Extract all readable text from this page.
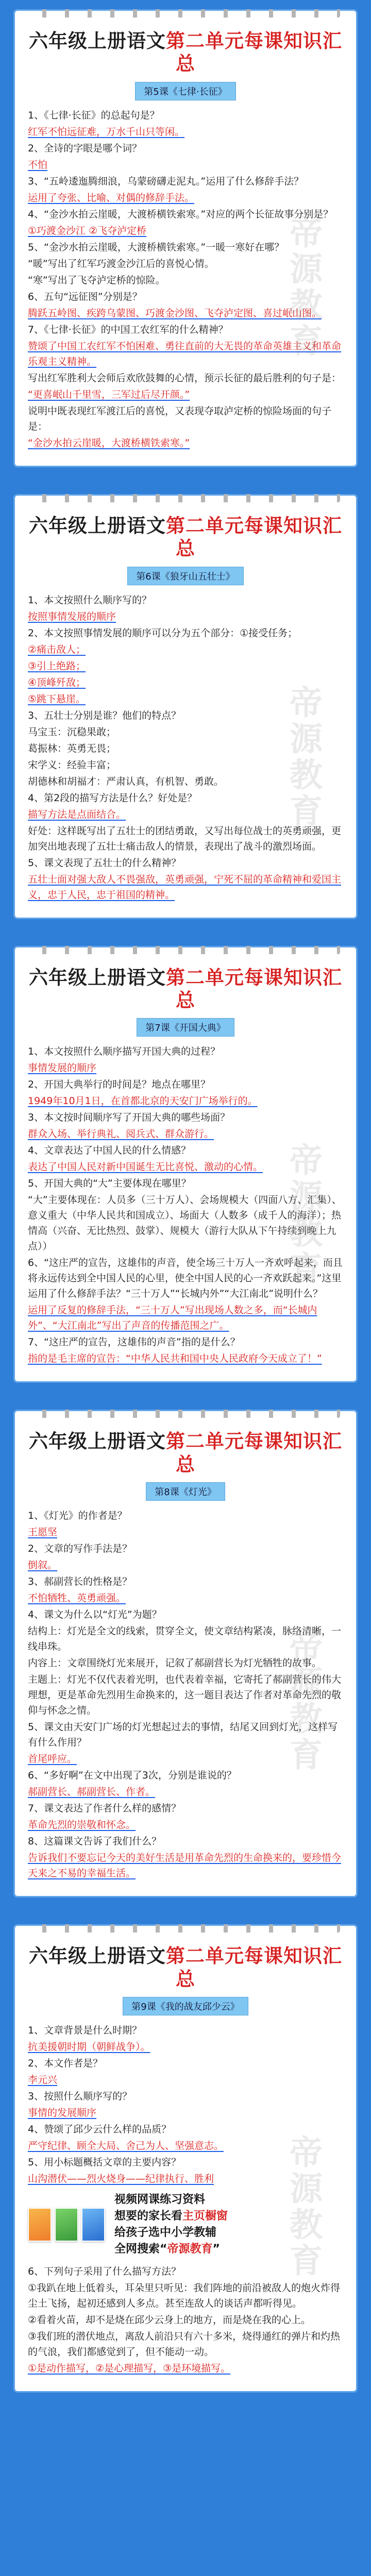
帝源教育
六年级上册语文第二单元每课知识汇总
第5课《七律·长征》

1、《七律·长征》的总起句是？

红军不怕远征难，万水千山只等闲。

2、全诗的字眼是哪个词？

不怕

3、“五岭逶迤腾细浪，乌蒙磅礴走泥丸。”运用了什么修辞手法？

运用了夸张、比喻、对偶的修辞手法。

4、“金沙水拍云崖暖，大渡桥横铁索寒。”对应的两个长征故事分别是？

①巧渡金沙江 ②飞夺泸定桥

5、“金沙水拍云崖暖，大渡桥横铁索寒。”一暖一寒好在哪？

“暖”写出了红军巧渡金沙江后的喜悦心情。

“寒”写出了飞夺泸定桥的惊险。

6、五句“远征图”分别是？

腾跃五岭图、疾跨乌蒙图、巧渡金沙图、飞夺泸定图、喜过岷山图。

7、《七律·长征》的中国工农红军的什么精神？

赞颂了中国工农红军不怕困难、勇往直前的大无畏的革命英雄主义和革命乐观主义精神。

写出红军胜利大会师后欢欣鼓舞的心情，预示长征的最后胜利的句子是：

“更喜岷山千里雪，三军过后尽开颜。”

说明中既表现红军渡江后的喜悦，又表现夺取泸定桥的惊险场面的句子是：

“金沙水拍云崖暖，大渡桥横铁索寒。”

帝源教育
六年级上册语文第二单元每课知识汇总
第6课《狼牙山五壮士》

1、本文按照什么顺序写的？

按照事情发展的顺序

2、本文按照事情发展的顺序可以分为五个部分：①接受任务；

②痛击敌人；

③引上绝路；

④顶峰歼敌；

⑤跳下悬崖。

3、五壮士分别是谁？他们的特点？

马宝玉：沉稳果敢；

葛振林：英勇无畏；

宋学义：经验丰富；

胡德林和胡福才：严肃认真，有机智、勇敢。

4、第2段的描写方法是什么？好处是？

描写方法是点面结合。

好处：这样既写出了五壮士的团结勇敢，又写出每位战士的英勇顽强，更加突出地表现了五壮士痛击敌人的情景，表现出了战斗的激烈场面。

5、课文表现了五壮士的什么精神？

五壮士面对强大敌人不畏强敌，英勇顽强，宁死不屈的革命精神和爱国主义，忠于人民，忠于祖国的精神。

帝源教育
六年级上册语文第二单元每课知识汇总
第7课《开国大典》

1、本文按照什么顺序描写开国大典的过程？

事情发展的顺序

2、开国大典举行的时间是？地点在哪里？

1949年10月1日，在首都北京的天安门广场举行的。

3、本文按时间顺序写了开国大典的哪些场面？

群众入场、举行典礼、阅兵式、群众游行。

4、文章表达了中国人民的什么情感？

表达了中国人民对新中国诞生无比喜悦、激动的心情。

5、开国大典的“大”主要体现在哪里？

“大”主要体现在：人员多（三十万人）、会场规模大（四面八方、汇集）、意义重大（中华人民共和国成立）、场面大（人数多（成千人的海洋）；热情高（兴奋、无比热烈、鼓掌）、规模大（游行大队从下午持续到晚上九点））

6、“这庄严的宣告，这雄伟的声音，使全场三十万人一齐欢呼起来，而且将永远传达到全中国人民的心里，使全中国人民的心一齐欢跃起来。”这里运用了什么修辞手法？“三十万人”“长城内外”“大江南北”说明什么？

运用了反复的修辞手法，“三十万人”写出现场人数之多，而“长城内外”、“大江南北”写出了声音的传播范围之广。

7、“这庄严的宣告，这雄伟的声音”指的是什么？

指的是毛主席的宣告：“中华人民共和国中央人民政府今天成立了！”

帝源教育
六年级上册语文第二单元每课知识汇总
第8课《灯光》

1、《灯光》的作者是？

王愿坚

2、文章的写作手法是？

倒叙。

3、郝副营长的性格是？

不怕牺牲、英勇顽强。

4、课文为什么以“灯光”为题？

结构上：灯光是全文的线索，贯穿全文，使文章结构紧凑，脉络清晰，一线串珠。

内容上：文章围绕灯光来展开，记叙了郝副营长为灯光牺牲的故事。

主题上：灯光不仅代表着光明，也代表着幸福，它寄托了郝副营长的伟大理想，更是革命先烈用生命换来的，这一题目表达了作者对革命先烈的敬仰与怀念之情。

5、课文由天安门广场的灯光想起过去的事情，结尾又回到灯光，这样写有什么作用？

首尾呼应。

6、“多好啊”在文中出现了3次，分别是谁说的？

郝副营长、郝副营长、作者。

7、课文表达了作者什么样的感情？

革命先烈的崇敬和怀念。

8、这篇课文告诉了我们什么？

告诉我们不要忘记今天的美好生活是用革命先烈的生命换来的，要珍惜今天来之不易的幸福生活。

帝源教育
六年级上册语文第二单元每课知识汇总
第9课《我的战友邱少云》

1、文章背景是什么时期？

抗美援朝时期（朝鲜战争）。

2、本文作者是？

李元兴

3、按照什么顺序写的？

事情的发展顺序

4、赞颂了邱少云什么样的品质？

严守纪律、顾全大局、舍己为人、坚强意志。

5、用小标题概括文章的主要内容？

山沟潜伏——烈火烧身——纪律执行、胜利

视频网课练习资料
想要的家长看主页橱窗
给孩子选中小学教辅
全网搜索“帝源教育”

6、下列句子采用了什么描写方法？

①我趴在地上低着头，耳朵里只听见：我们阵地的前沿被敌人的炮火炸得尘土飞扬，起初还感到人多点。甚至连敌人的谈话声都听得见。

②看着火苗，却不是烧在邱少云身上的地方，而是烧在我的心上。

③我们班的潜伏地点，离敌人前沿只有六十多米，烧得通红的弹片和灼热的气浪，我们都感觉到了，但不能动一动。

①是动作描写，②是心理描写，③是环境描写。
